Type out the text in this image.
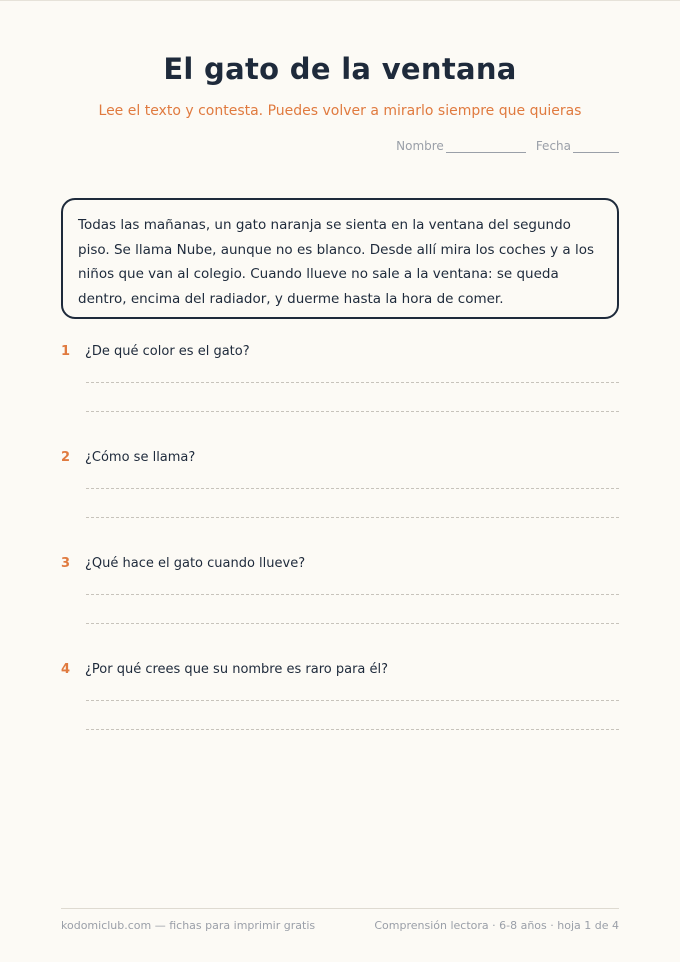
El gato de la ventana

Lee el texto y contesta. Puedes volver a mirarlo siempre que quieras

Nombre	Fecha

Todas las mañanas, un gato naranja se sienta en la ventana del segundo piso. Se llama Nube, aunque no es blanco. Desde allí mira los coches y a los niños que van al colegio. Cuando llueve no sale a la ventana: se queda dentro, encima del radiador, y duerme hasta la hora de comer.

1	¿De qué color es el gato?
2	¿Cómo se llama?
3	¿Qué hace el gato cuando llueve?
4	¿Por qué crees que su nombre es raro para él?
kodomiclub.com — fichas para imprimir gratis	Comprensión lectora · 6-8 años · hoja 1 de 4
